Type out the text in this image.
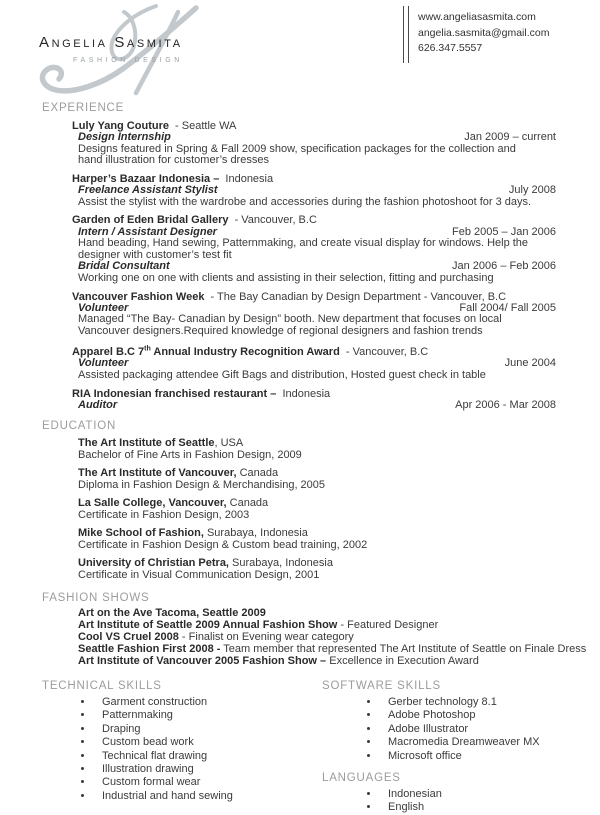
Angelia Sasmita
FASHION DESIGN
www.angeliasasmita.com
angelia.sasmita@gmail.com
626.347.5557
EXPERIENCE
Luly Yang Couture - Seattle WA
Design Internship	Jan 2009 – current
Designs featured in Spring & Fall 2009 show, specification packages for the collection and hand illustration for customer’s dresses
Harper’s Bazaar Indonesia – Indonesia
Freelance Assistant Stylist	July 2008
Assist the stylist with the wardrobe and accessories during the fashion photoshoot for 3 days.
Garden of Eden Bridal Gallery - Vancouver, B.C
Intern / Assistant Designer	Feb 2005 – Jan 2006
Hand beading, Hand sewing, Patternmaking, and create visual display for windows. Help the designer with customer’s test fit
Bridal Consultant	Jan 2006 – Feb 2006
Working one on one with clients and assisting in their selection, fitting and purchasing
Vancouver Fashion Week - The Bay Canadian by Design Department - Vancouver, B.C
Volunteer	Fall 2004/ Fall 2005
Managed “The Bay- Canadian by Design” booth. New department that focuses on local Vancouver designers.Required knowledge of regional designers and fashion trends
Apparel B.C 7th Annual Industry Recognition Award - Vancouver, B.C
Volunteer	June 2004
Assisted packaging attendee Gift Bags and distribution, Hosted guest check in table
RIA Indonesian franchised restaurant – Indonesia
Auditor	Apr 2006 - Mar 2008
EDUCATION
The Art Institute of Seattle, USA
Bachelor of Fine Arts in Fashion Design, 2009
The Art Institute of Vancouver, Canada
Diploma in Fashion Design & Merchandising, 2005
La Salle College, Vancouver, Canada
Certificate in Fashion Design, 2003
Mike School of Fashion, Surabaya, Indonesia
Certificate in Fashion Design & Custom bead training, 2002
University of Christian Petra, Surabaya, Indonesia
Certificate in Visual Communication Design, 2001
FASHION SHOWS
Art on the Ave Tacoma, Seattle 2009
Art Institute of Seattle 2009 Annual Fashion Show - Featured Designer
Cool VS Cruel 2008 - Finalist on Evening wear category
Seattle Fashion First 2008 - Team member that represented The Art Institute of Seattle on Finale Dress
Art Institute of Vancouver 2005 Fashion Show – Excellence in Execution Award
TECHNICAL SKILLS
• Garment construction
• Patternmaking
• Draping
• Custom bead work
• Technical flat drawing
• Illustration drawing
• Custom formal wear
• Industrial and hand sewing
SOFTWARE SKILLS
• Gerber technology 8.1
• Adobe Photoshop
• Adobe Illustrator
• Macromedia Dreamweaver MX
• Microsoft office
LANGUAGES
• Indonesian
• English
